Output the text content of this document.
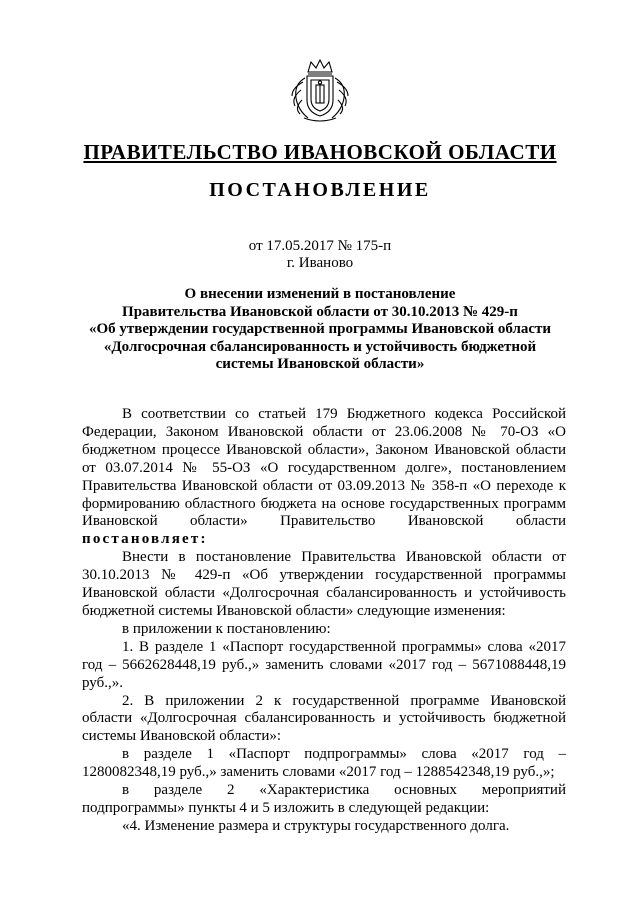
ПРАВИТЕЛЬСТВО ИВАНОВСКОЙ ОБЛАСТИ
ПОСТАНОВЛЕНИЕ
от 17.05.2017 № 175-п
г. Иваново
О внесении изменений в постановление
Правительства Ивановской области от 30.10.2013 № 429-п
«Об утверждении государственной программы Ивановской области
«Долгосрочная сбалансированность и устойчивость бюджетной
системы Ивановской области»

В соответствии со статьей 179 Бюджетного кодекса Российской Федерации, Законом Ивановской области от 23.06.2008 № 70-ОЗ «О бюджетном процессе Ивановской области», Законом Ивановской области от 03.07.2014 № 55-ОЗ «О государственном долге», постановлением Правительства Ивановской области от 03.09.2013 № 358-п «О переходе к формированию областного бюджета на основе государственных программ Ивановской области» Правительство Ивановской области постановляет:

Внести в постановление Правительства Ивановской области от 30.10.2013 № 429-п «Об утверждении государственной программы Ивановской области «Долгосрочная сбалансированность и устойчивость бюджетной системы Ивановской области» следующие изменения:

в приложении к постановлению:

1. В разделе 1 «Паспорт государственной программы» слова «2017 год – 5662628448,19 руб.,» заменить словами «2017 год – 5671088448,19 руб.,».

2. В приложении 2 к государственной программе Ивановской области «Долгосрочная сбалансированность и устойчивость бюджетной системы Ивановской области»:

в разделе 1 «Паспорт подпрограммы» слова «2017 год – 1280082348,19 руб.,» заменить словами «2017 год – 1288542348,19 руб.,»;

в разделе 2 «Характеристика основных мероприятий подпрограммы» пункты 4 и 5 изложить в следующей редакции:

«4. Изменение размера и структуры государственного долга.
